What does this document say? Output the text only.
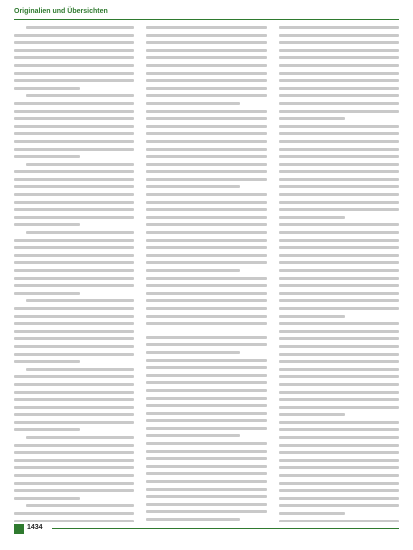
Originalien und Übersichten
1434
